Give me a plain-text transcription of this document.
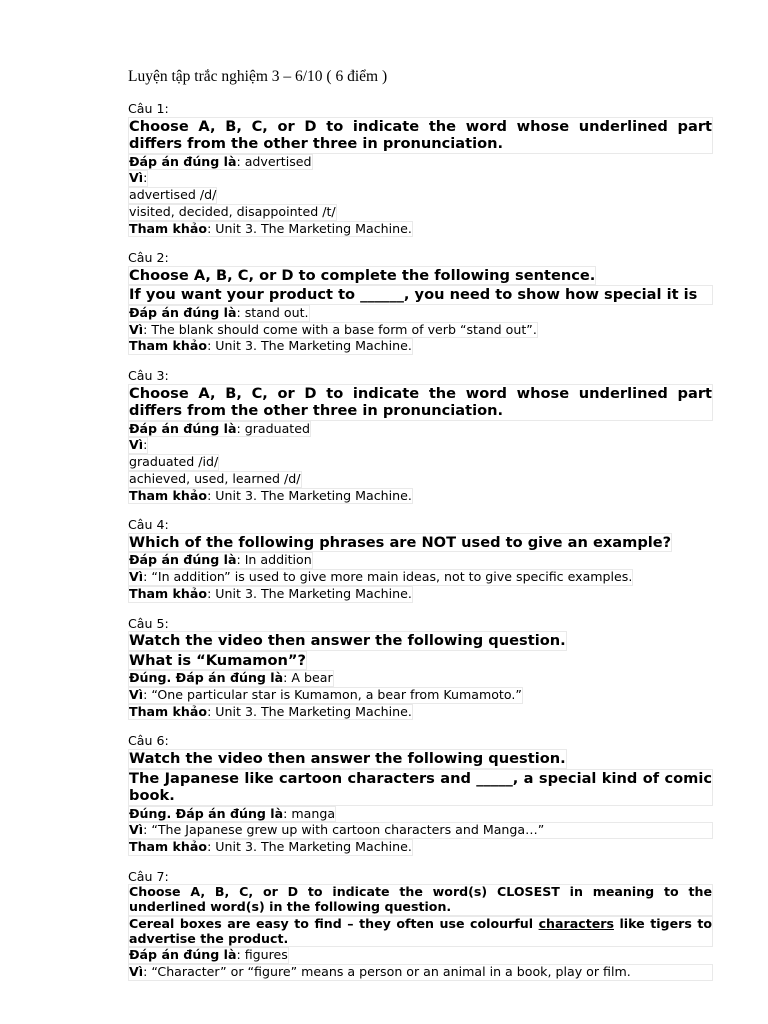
Luyện tập trắc nghiệm 3 – 6/10 ( 6 điểm )
Câu 1:
Choose A, B, C, or D to indicate the word whose underlined part differs from the other three in pronunciation.
Đáp án đúng là: advertised
Vì:
advertised /d/
visited, decided, disappointed /t/
Tham khảo: Unit 3. The Marketing Machine.
Câu 2:
Choose A, B, C, or D to complete the following sentence.
If you want your product to ______, you need to show how special it is
Đáp án đúng là: stand out.
Vì: The blank should come with a base form of verb “stand out”.
Tham khảo: Unit 3. The Marketing Machine.
Câu 3:
Choose A, B, C, or D to indicate the word whose underlined part differs from the other three in pronunciation.
Đáp án đúng là: graduated
Vì:
graduated /id/
achieved, used, learned /d/
Tham khảo: Unit 3. The Marketing Machine.
Câu 4:
Which of the following phrases are NOT used to give an example?
Đáp án đúng là: In addition
Vì: “In addition” is used to give more main ideas, not to give specific examples.
Tham khảo: Unit 3. The Marketing Machine.
Câu 5:
Watch the video then answer the following question.
What is “Kumamon”?
Đúng. Đáp án đúng là: A bear
Vì: “One particular star is Kumamon, a bear from Kumamoto.”
Tham khảo: Unit 3. The Marketing Machine.
Câu 6:
Watch the video then answer the following question.
The Japanese like cartoon characters and _____, a special kind of comic book.
Đúng. Đáp án đúng là: manga
Vì: “The Japanese grew up with cartoon characters and Manga…”
Tham khảo: Unit 3. The Marketing Machine.
Câu 7:
Choose A, B, C, or D to indicate the word(s) CLOSEST in meaning to the underlined word(s) in the following question.
Cereal boxes are easy to find – they often use colourful characters like tigers to advertise the product.
Đáp án đúng là: figures
Vì: “Character” or “figure” means a person or an animal in a book, play or film.
